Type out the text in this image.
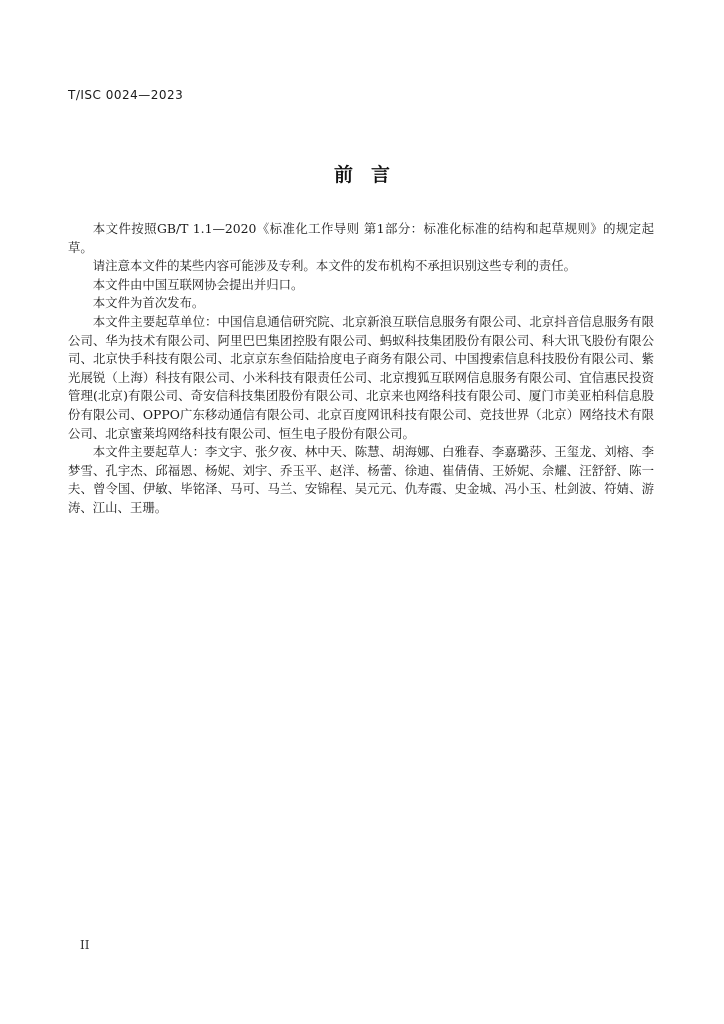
T/ISC 0024—2023
前言

本文件按照GB/T 1.1—2020《标准化工作导则 第1部分：标准化标准的结构和起草规则》的规定起草。

请注意本文件的某些内容可能涉及专利。本文件的发布机构不承担识别这些专利的责任。

本文件由中国互联网协会提出并归口。

本文件为首次发布。

本文件主要起草单位：中国信息通信研究院、北京新浪互联信息服务有限公司、北京抖音信息服务有限公司、华为技术有限公司、阿里巴巴集团控股有限公司、蚂蚁科技集团股份有限公司、科大讯飞股份有限公司、北京快手科技有限公司、北京京东叁佰陆拾度电子商务有限公司、中国搜索信息科技股份有限公司、紫光展锐（上海）科技有限公司、小米科技有限责任公司、北京搜狐互联网信息服务有限公司、宜信惠民投资管理(北京)有限公司、奇安信科技集团股份有限公司、北京来也网络科技有限公司、厦门市美亚柏科信息股份有限公司、OPPO广东移动通信有限公司、北京百度网讯科技有限公司、竞技世界（北京）网络技术有限公司、北京蜜莱坞网络科技有限公司、恒生电子股份有限公司。

本文件主要起草人：李文宇、张夕夜、林中天、陈慧、胡海娜、白雅春、李嘉璐莎、王玺龙、刘榕、李梦雪、孔宇杰、邱福恩、杨妮、刘宇、乔玉平、赵洋、杨蕾、徐迪、崔倩倩、王娇妮、佘耀、汪舒舒、陈一夫、曾令国、伊敏、毕铭泽、马可、马兰、安锦程、吴元元、仇寿霞、史金城、冯小玉、杜剑波、符婧、游涛、江山、王珊。

II
